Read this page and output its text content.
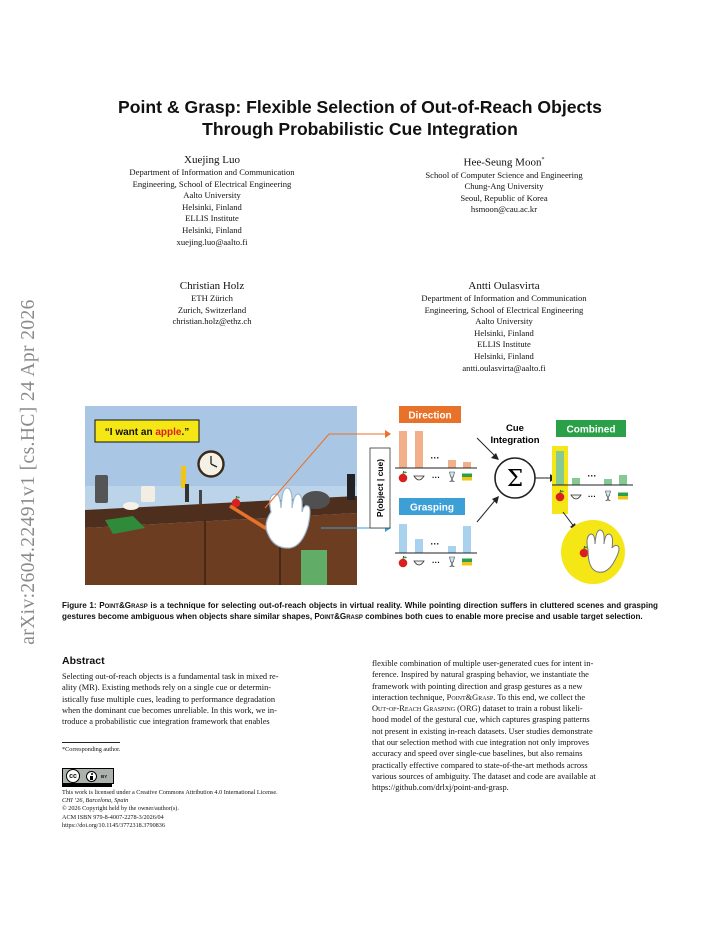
arXiv:2604.22491v1 [cs.HC] 24 Apr 2026
Point & Grasp: Flexible Selection of Out-of-Reach Objects
Through Probabilistic Cue Integration
Xuejing Luo
Department of Information and Communication
Engineering, School of Electrical Engineering
Aalto University
Helsinki, Finland
ELLIS Institute
Helsinki, Finland
xuejing.luo@aalto.fi
Hee-Seung Moon*
School of Computer Science and Engineering
Chung-Ang University
Seoul, Republic of Korea
hsmoon@cau.ac.kr
Christian Holz
ETH Zürich
Zurich, Switzerland
christian.holz@ethz.ch
Antti Oulasvirta
Department of Information and Communication
Engineering, School of Electrical Engineering
Aalto University
Helsinki, Finland
ELLIS Institute
Helsinki, Finland
antti.oulasvirta@aalto.fi
“I want an apple.”
P(object | cue)
Direction
···
···
Grasping
···
···
Cue
Integration
Σ
Combined
···
···
Figure 1: Point&Grasp is a technique for selecting out-of-reach objects in virtual reality. While pointing direction suffers in cluttered scenes and grasping gestures become ambiguous when objects share similar shapes, Point&Grasp combines both cues to enable more precise and usable target selection.
Abstract
Selecting out-of-reach objects is a fundamental task in mixed re-
ality (MR). Existing methods rely on a single cue or determin-
istically fuse multiple cues, leading to performance degradation
when the dominant cue becomes unreliable. In this work, we in-
troduce a probabilistic cue integration framework that enables
*Corresponding author.
cc	BY
This work is licensed under a Creative Commons Attribution 4.0 International License.
CHI ’26, Barcelona, Spain
© 2026 Copyright held by the owner/author(s).
ACM ISBN 979-8-4007-2278-3/2026/04
https://doi.org/10.1145/3772318.3790836
flexible combination of multiple user-generated cues for intent in-
ference. Inspired by natural grasping behavior, we instantiate the
framework with pointing direction and grasp gestures as a new
interaction technique, Point&Grasp. To this end, we collect the
Out-of-Reach Grasping (ORG) dataset to train a robust likeli-
hood model of the gestural cue, which captures grasping patterns
not present in existing in-reach datasets. User studies demonstrate
that our selection method with cue integration not only improves
accuracy and speed over single-cue baselines, but also remains
practically effective compared to state-of-the-art methods across
various sources of ambiguity. The dataset and code are available at
https://github.com/drlxj/point-and-grasp.
